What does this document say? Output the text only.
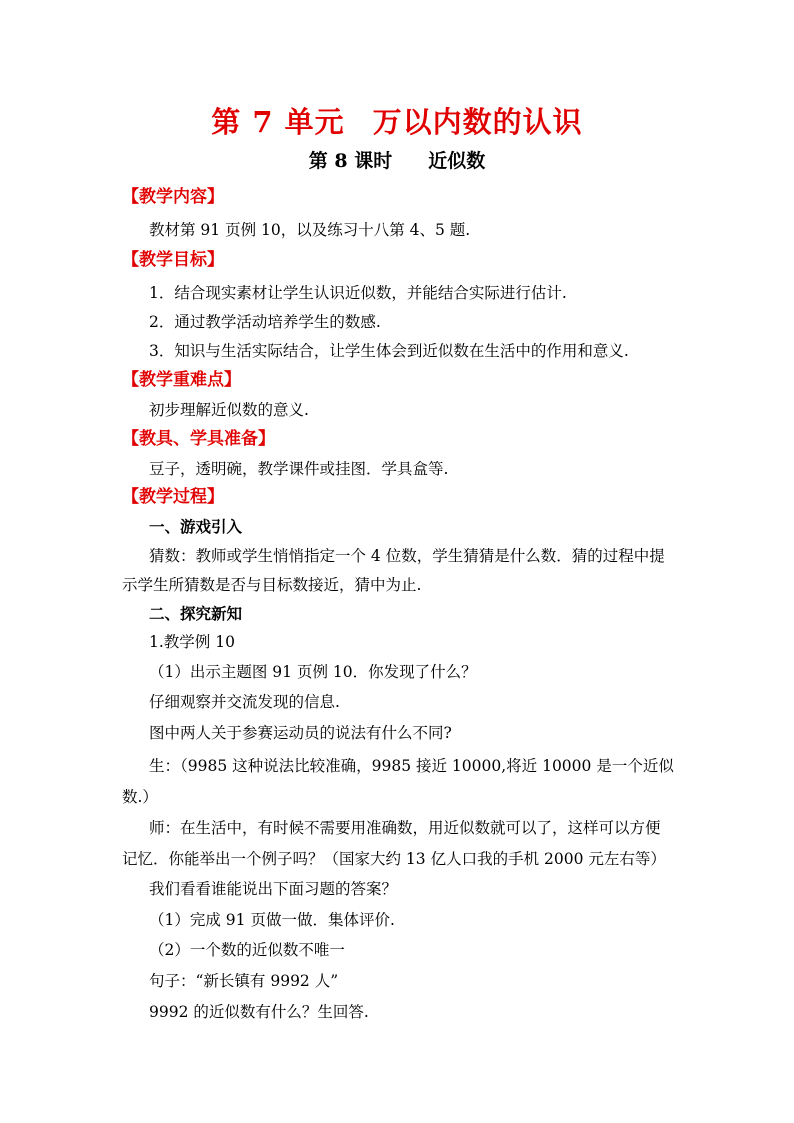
第 7 单元 万以内数的认识
第 8 课时 近似数
【教学内容】
教材第 91 页例 10，以及练习十八第 4、5 题.
【教学目标】
1．结合现实素材让学生认识近似数，并能结合实际进行估计.
2．通过教学活动培养学生的数感.
3．知识与生活实际结合，让学生体会到近似数在生活中的作用和意义.
【教学重难点】
初步理解近似数的意义.
【教具、学具准备】
豆子，透明碗，教学课件或挂图．学具盒等.
【教学过程】
一、游戏引入
猜数：教师或学生悄悄指定一个 4 位数，学生猜猜是什么数．猜的过程中提
示学生所猜数是否与目标数接近，猜中为止.
二、探究新知
1.教学例 10
（1）出示主题图 91 页例 10．你发现了什么？
仔细观察并交流发现的信息.
图中两人关于参赛运动员的说法有什么不同?
生：（9985 这种说法比较准确，9985 接近 10000,将近 10000 是一个近似
数.）
师：在生活中，有时候不需要用准确数，用近似数就可以了，这样可以方便
记忆．你能举出一个例子吗？（国家大约 13 亿人口我的手机 2000 元左右等）
我们看看谁能说出下面习题的答案？
（1）完成 91 页做一做．集体评价.
（2）一个数的近似数不唯一
句子：“新长镇有 9992 人”
9992 的近似数有什么？生回答.
